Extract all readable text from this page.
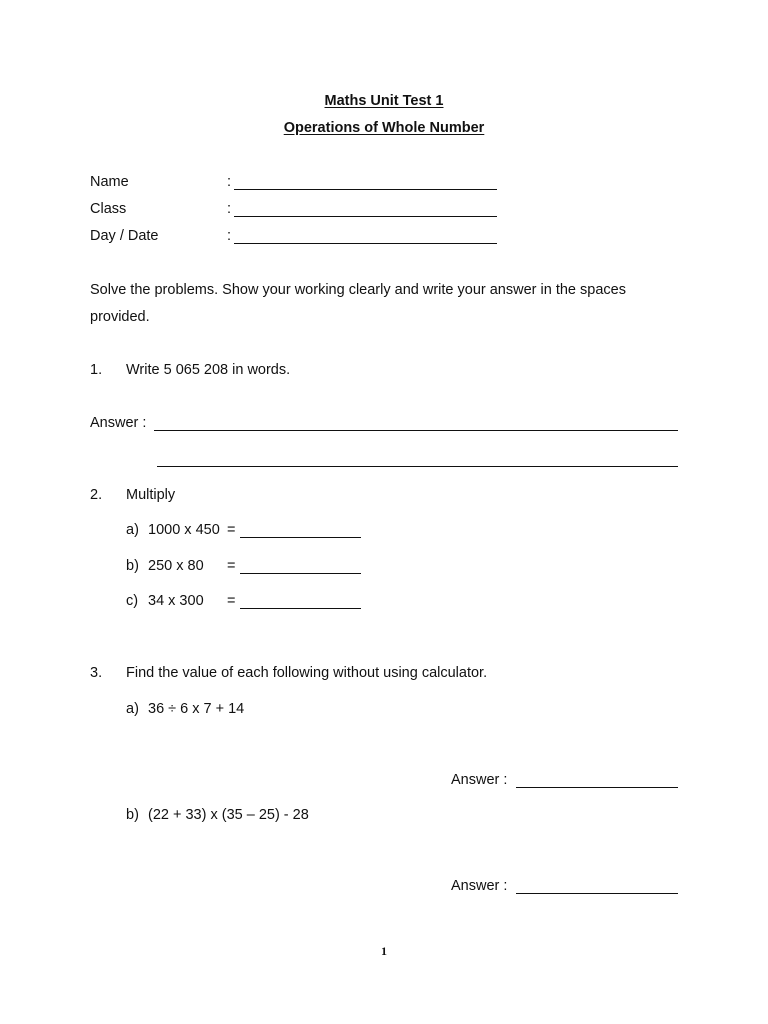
Maths Unit Test 1
Operations of Whole Number
Name	:
Class	:
Day / Date	:
Solve the problems. Show your working clearly and write your answer in the spaces
provided.
1. Write 5 065 208 in words.
Answer :
2. Multiply
a) 1000 x 450 =
b) 250 x 80 =
c) 34 x 300 =
3. Find the value of each following without using calculator.
a) 36 ÷ 6 x 7 + 14
Answer :
b) (22 + 33) x (35 – 25) - 28
Answer :
1
